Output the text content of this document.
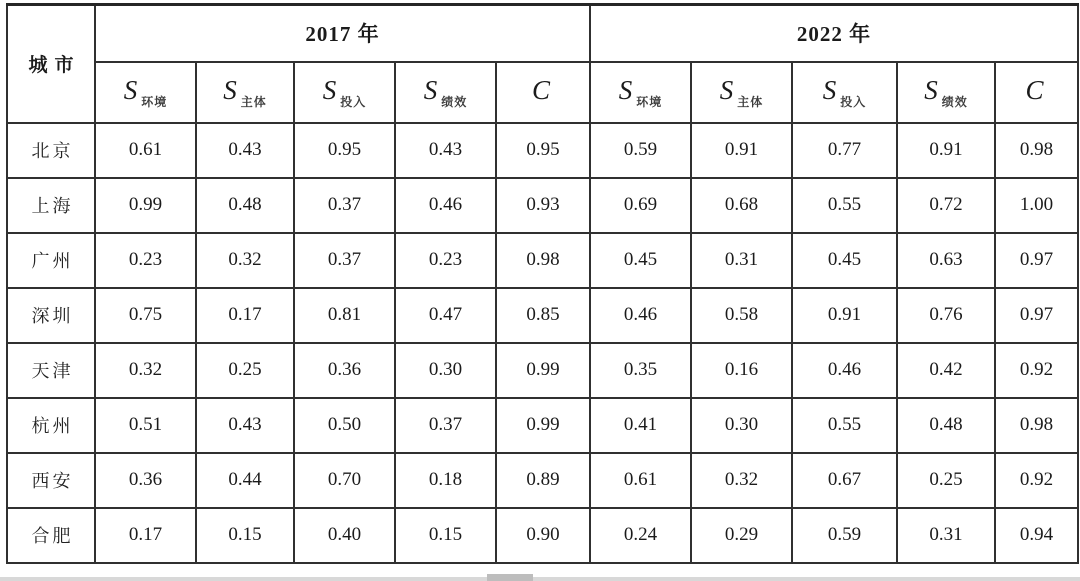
城市	2017 年					2022 年				
	S $_{环境}$	S $_{主体}$	S $_{投入}$	S $_{绩效}$	C	S $_{环境}$	S $_{主体}$	S $_{投入}$	S $_{绩效}$	C
北京	0.61	0.43	0.95	0.43	0.95	0.59	0.91	0.77	0.91	0.98
上海	0.99	0.48	0.37	0.46	0.93	0.69	0.68	0.55	0.72	1.00
广州	0.23	0.32	0.37	0.23	0.98	0.45	0.31	0.45	0.63	0.97
深圳	0.75	0.17	0.81	0.47	0.85	0.46	0.58	0.91	0.76	0.97
天津	0.32	0.25	0.36	0.30	0.99	0.35	0.16	0.46	0.42	0.92
杭州	0.51	0.43	0.50	0.37	0.99	0.41	0.30	0.55	0.48	0.98
西安	0.36	0.44	0.70	0.18	0.89	0.61	0.32	0.67	0.25	0.92
合肥	0.17	0.15	0.40	0.15	0.90	0.24	0.29	0.59	0.31	0.94
